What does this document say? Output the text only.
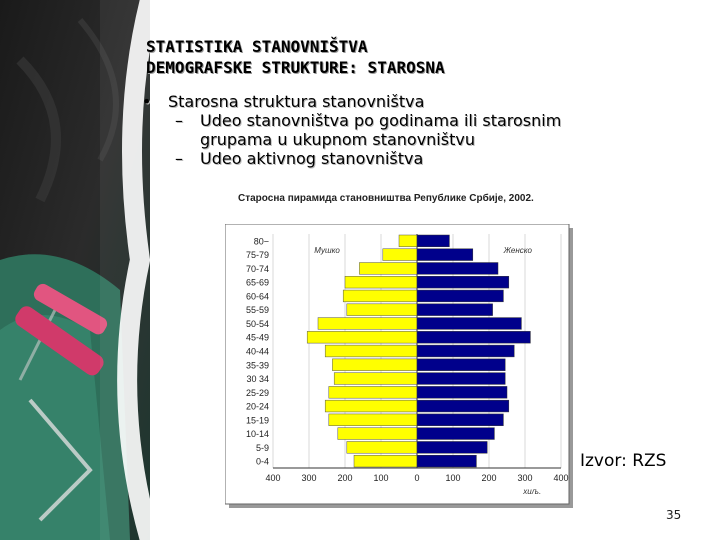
STATISTIKA STANOVNIŠTVA
DEMOGRAFSKE STRUKTURE: STAROSNA
• Starosna struktura stanovništva
– Udeo stanovništva po godinama ili starosnim
grupama u ukupnom stanovništvu
– Udeo aktivnog stanovništva
Старосна пирамида становништва Републике Србије, 2002.
80−
75-79
70-74
65-69
60-64
55-59
50-54
45-49
40-44
35-39
30 34
25-29
20-24
15-19
10-14
5-9
0-4
400 300 200 100	0	100 200 300 400
хиљ.
Мушко	Женско
Izvor: RZS
35
